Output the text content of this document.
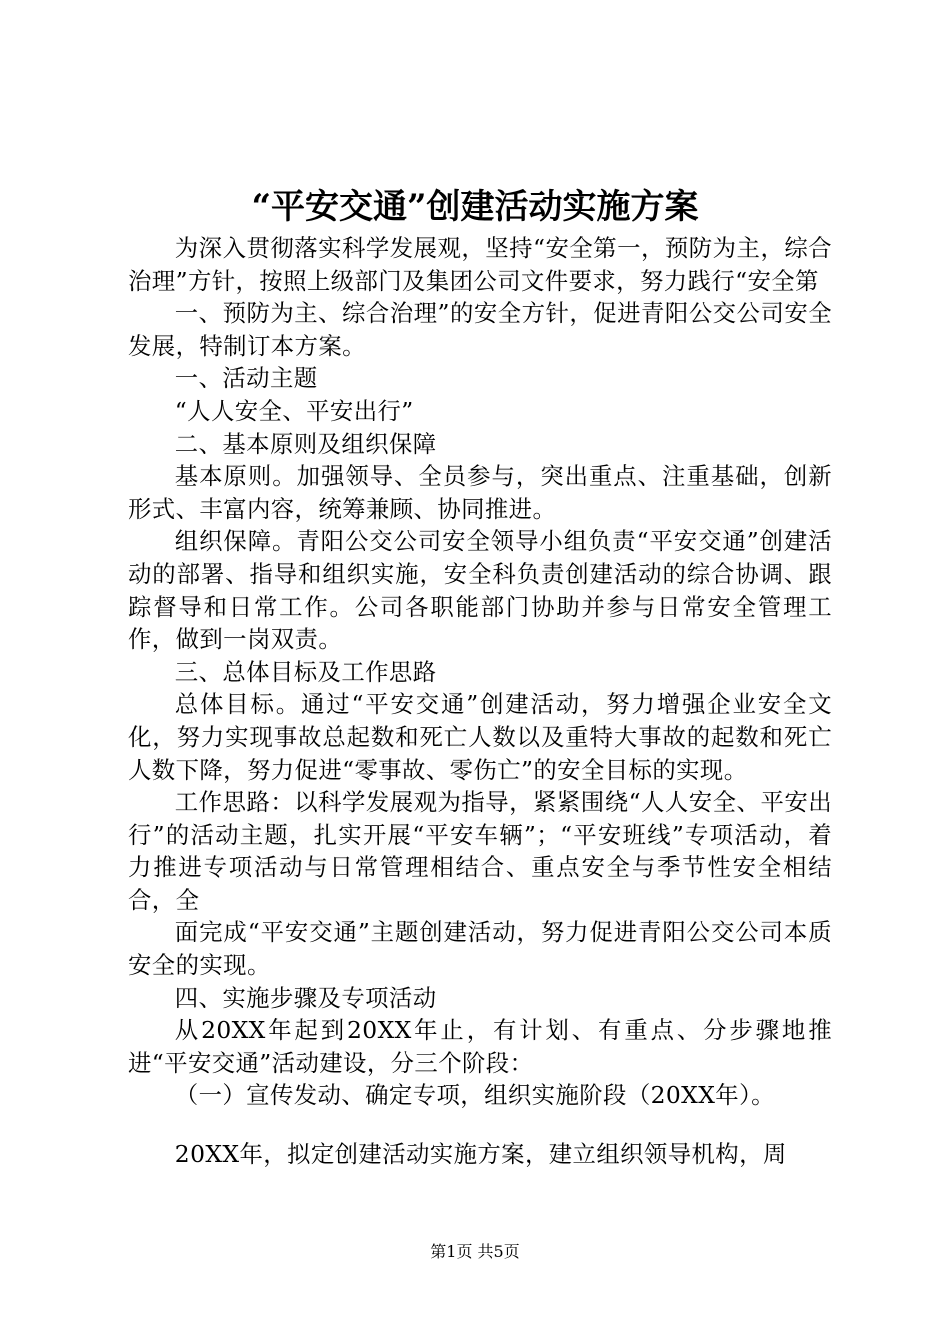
“平安交通”创建活动实施方案

为深入贯彻落实科学发展观，坚持“安全第一，预防为主，综合治理”方针，按照上级部门及集团公司文件要求，努力践行“安全第

一、预防为主、综合治理”的安全方针，促进青阳公交公司安全发展，特制订本方案。

一、活动主题

“人人安全、平安出行”

二、基本原则及组织保障

基本原则。加强领导、全员参与，突出重点、注重基础，创新形式、丰富内容，统筹兼顾、协同推进。

组织保障。青阳公交公司安全领导小组负责“平安交通”创建活动的部署、指导和组织实施，安全科负责创建活动的综合协调、跟踪督导和日常工作。公司各职能部门协助并参与日常安全管理工作，做到一岗双责。

三、总体目标及工作思路

总体目标。通过“平安交通”创建活动，努力增强企业安全文化，努力实现事故总起数和死亡人数以及重特大事故的起数和死亡人数下降，努力促进“零事故、零伤亡”的安全目标的实现。

工作思路：以科学发展观为指导，紧紧围绕“人人安全、平安出行”的活动主题，扎实开展“平安车辆”；“平安班线”专项活动，着力推进专项活动与日常管理相结合、重点安全与季节性安全相结合，全

面完成“平安交通”主题创建活动，努力促进青阳公交公司本质安全的实现。

四、实施步骤及专项活动

从20XX年起到20XX年止，有计划、有重点、分步骤地推进“平安交通”活动建设，分三个阶段：

（一）宣传发动、确定专项，组织实施阶段（20XX年）。

20XX年，拟定创建活动实施方案，建立组织领导机构，周

第1页 共5页
